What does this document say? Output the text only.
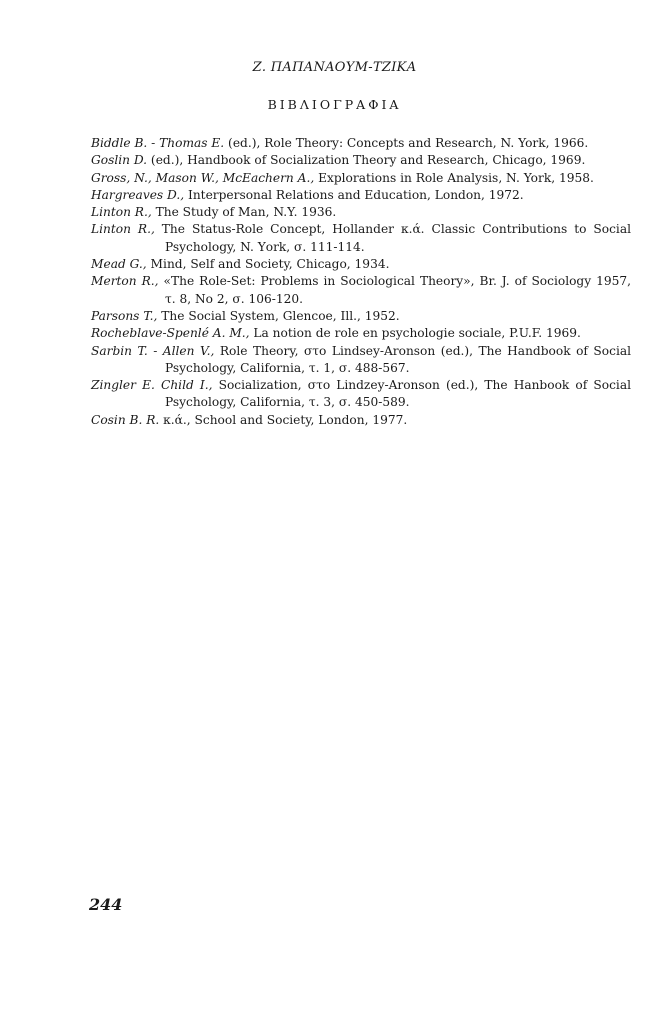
Ζ. ΠΑΠΑΝΑΟΥΜ-ΤΖΙΚΑ
ΒΙΒΛΙΟΓΡΑΦΙΑ
Biddle B. - Thomas E. (ed.), Role Theory: Concepts and Research, N. York, 1966.
Goslin D. (ed.), Handbook of Socialization Theory and Research, Chicago, 1969.
Gross, N., Mason W., McEachern A., Explorations in Role Analysis, N. York, 1958.
Hargreaves D., Interpersonal Relations and Education, London, 1972.
Linton R., The Study of Man, N.Y. 1936.
Linton R., The Status-Role Concept, Hollander κ.ά. Classic Contributions to Social Psychology, N. Yοrk, σ. 111-114.
Mead G., Mind, Self and Society, Chicago, 1934.
Merton R., «The Role-Set: Problems in Sociological Theory», Br. J. of Sociology 1957, τ. 8, No 2, σ. 106-120.
Parsons T., The Social System, Glencoe, Ill., 1952.
Rocheblave-Spenlé A. M., La notion de role en psychologie sociale, P.U.F. 1969.
Sarbin T. - Allen V., Role Theory, στο Lindsey-Aronson (ed.), The Handbook of Social Psychology, California, τ. 1, σ. 488-567.
Zingler E. Child I., Socialization, στο Lindzey-Aronson (ed.), The Hanbook of Social Psychology, California, τ. 3, σ. 450-589.
Cosin B. R. κ.ά., School and Society, London, 1977.
244
